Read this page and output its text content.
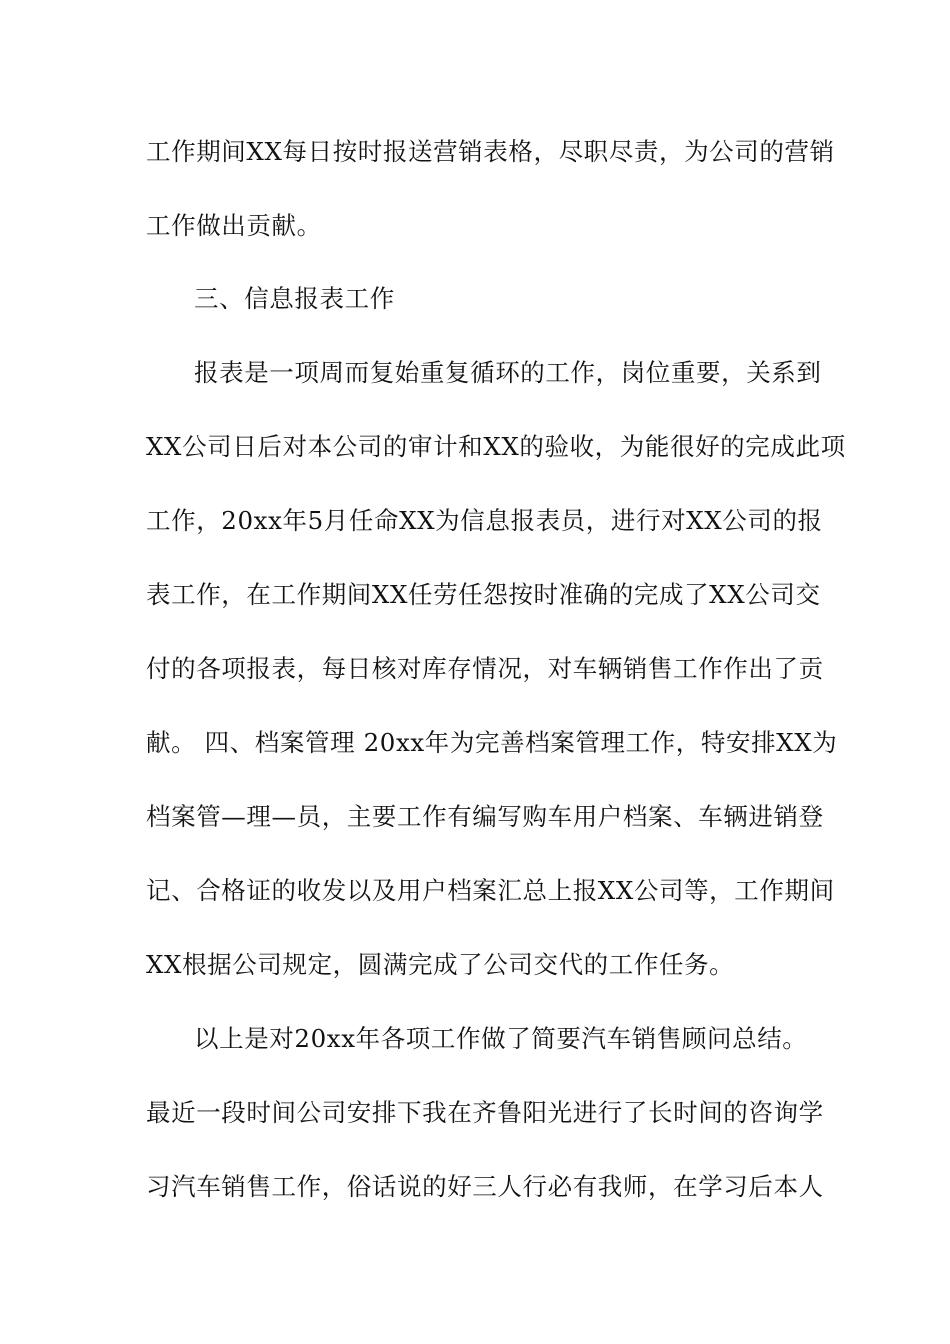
工作期间XX每日按时报送营销表格，尽职尽责，为公司的营销
工作做出贡献。
三、信息报表工作
报表是一项周而复始重复循环的工作，岗位重要，关系到
XX公司日后对本公司的审计和XX的验收，为能很好的完成此项
工作，20xx年5月任命XX为信息报表员，进行对XX公司的报
表工作，在工作期间XX任劳任怨按时准确的完成了XX公司交
付的各项报表，每日核对库存情况，对车辆销售工作作出了贡
献。 四、档案管理 20xx年为完善档案管理工作，特安排XX为
档案管—理—员，主要工作有编写购车用户档案、车辆进销登
记、合格证的收发以及用户档案汇总上报XX公司等，工作期间
XX根据公司规定，圆满完成了公司交代的工作任务。
以上是对20xx年各项工作做了简要汽车销售顾问总结。
最近一段时间公司安排下我在齐鲁阳光进行了长时间的咨询学
习汽车销售工作，俗话说的好三人行必有我师，在学习后本人
